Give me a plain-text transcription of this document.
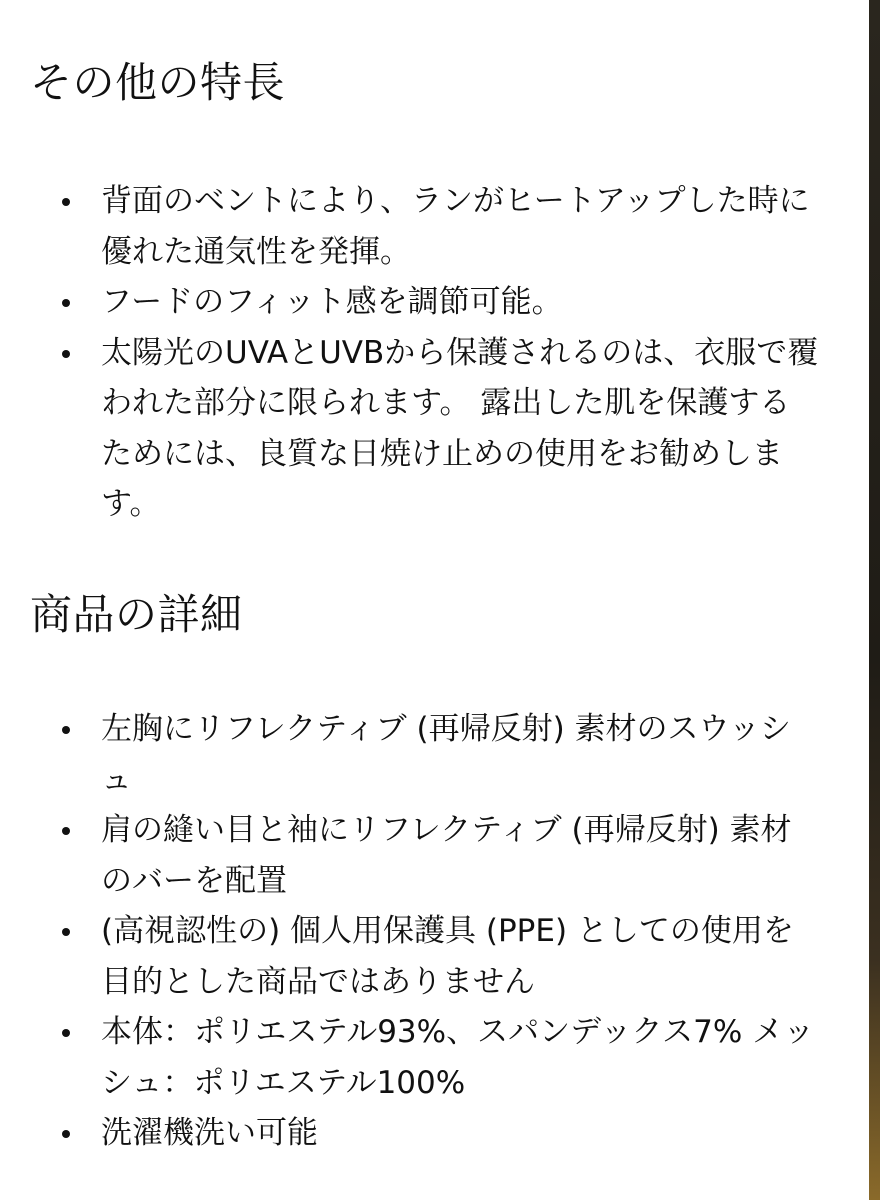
その他の特長
背面のベントにより、ランがヒートアップした時に優れた通気性を発揮。
フードのフィット感を調節可能。
太陽光のUVAとUVBから保護されるのは、衣服で覆われた部分に限られます。 露出した肌を保護するためには、良質な日焼け止めの使用をお勧めします。
商品の詳細
左胸にリフレクティブ (再帰反射) 素材のスウッシュ
肩の縫い目と袖にリフレクティブ (再帰反射) 素材のバーを配置
(高視認性の) 個人用保護具 (PPE) としての使用を目的とした商品ではありません
本体：ポリエステル93%、スパンデックス7% メッシュ：ポリエステル100%
洗濯機洗い可能
